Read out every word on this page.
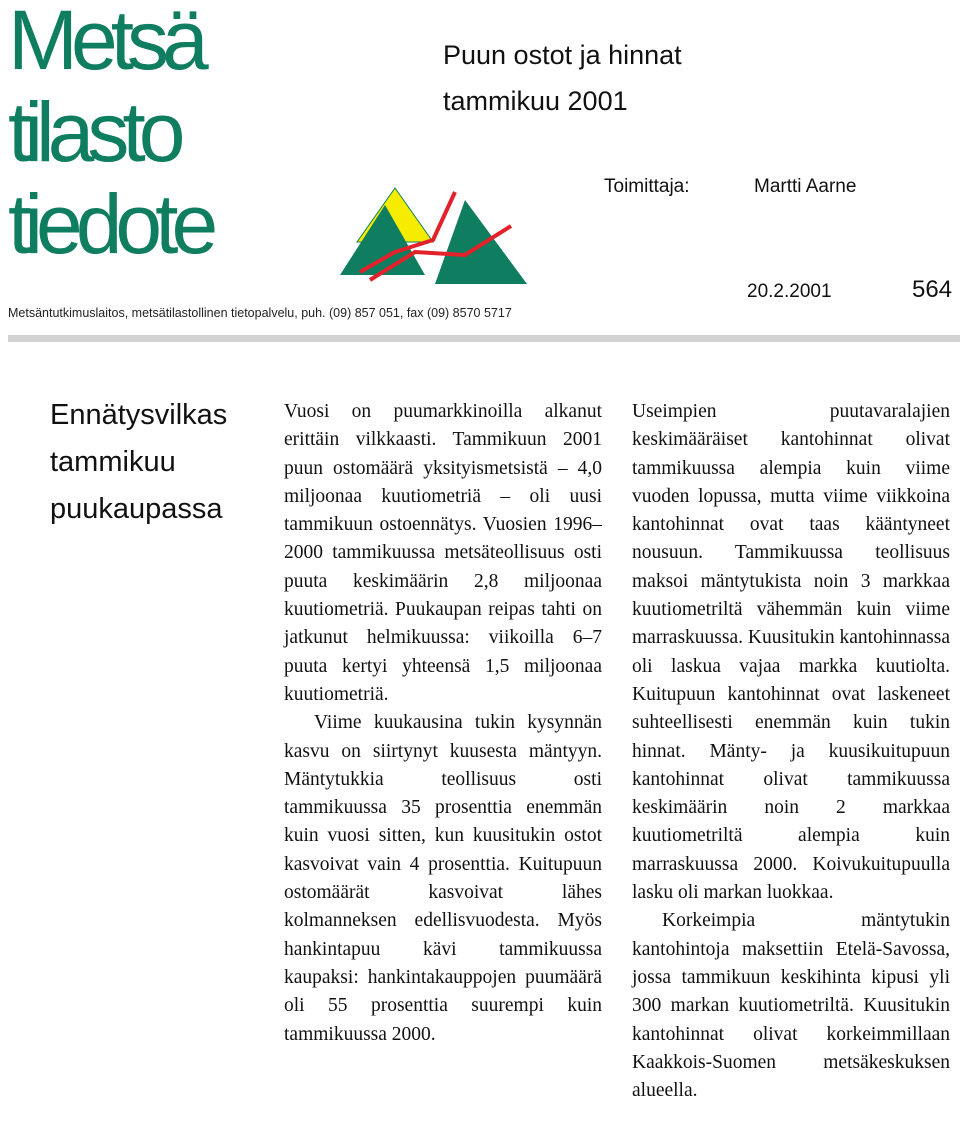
Metsä
tilasto
tiedote
Puun ostot ja hinnat
tammikuu 2001
Toimittaja:	Martti Aarne
20.2.2001	564
Metsäntutkimuslaitos, metsätilastollinen tietopalvelu, puh. (09) 857 051, fax (09) 8570 5717
Ennätysvilkas
tammikuu
puukaupassa

Vuosi on puumarkkinoilla alkanut erittäin vilkkaasti. Tammikuun 2001 puun ostomäärä yksityismetsistä – 4,0 miljoonaa kuutiometriä – oli uusi tammikuun ostoennätys. Vuosien 1996–2000 tammikuussa metsäteollisuus osti puuta keskimäärin 2,8 miljoonaa kuutiometriä. Puukaupan reipas tahti on jatkunut helmikuussa: viikoilla 6–7 puuta kertyi yhteensä 1,5 miljoonaa kuutiometriä.

Viime kuukausina tukin kysynnän kasvu on siirtynyt kuusesta mäntyyn. Mäntytukkia teollisuus osti tammikuussa 35 prosenttia enemmän kuin vuosi sitten, kun kuusitukin ostot kasvoivat vain 4 prosenttia. Kuitupuun ostomäärät kasvoivat lähes kolmanneksen edellisvuodesta. Myös hankintapuu kävi tammikuussa kaupaksi: hankintakauppojen puumäärä oli 55 prosenttia suurempi kuin tammikuussa 2000.

Useimpien puutavaralajien keskimääräiset kantohinnat olivat tammikuussa alempia kuin viime vuoden lopussa, mutta viime viikkoina kantohinnat ovat taas kääntyneet nousuun. Tammikuussa teollisuus maksoi mäntytukista noin 3 markkaa kuutiometriltä vähemmän kuin viime marraskuussa. Kuusitukin kantohinnassa oli laskua vajaa markka kuutiolta. Kuitupuun kantohinnat ovat laskeneet suhteellisesti enemmän kuin tukin hinnat. Mänty- ja kuusikuitupuun kantohinnat olivat tammikuussa keskimäärin noin 2 markkaa kuutiometriltä alempia kuin marraskuussa 2000. Koivukuitupuulla lasku oli markan luokkaa.

Korkeimpia mäntytukin kantohintoja maksettiin Etelä-Savossa, jossa tammikuun keskihinta kipusi yli 300 markan kuutiometriltä. Kuusitukin kantohinnat olivat korkeimmillaan Kaakkois-Suomen metsäkeskuksen alueella.
